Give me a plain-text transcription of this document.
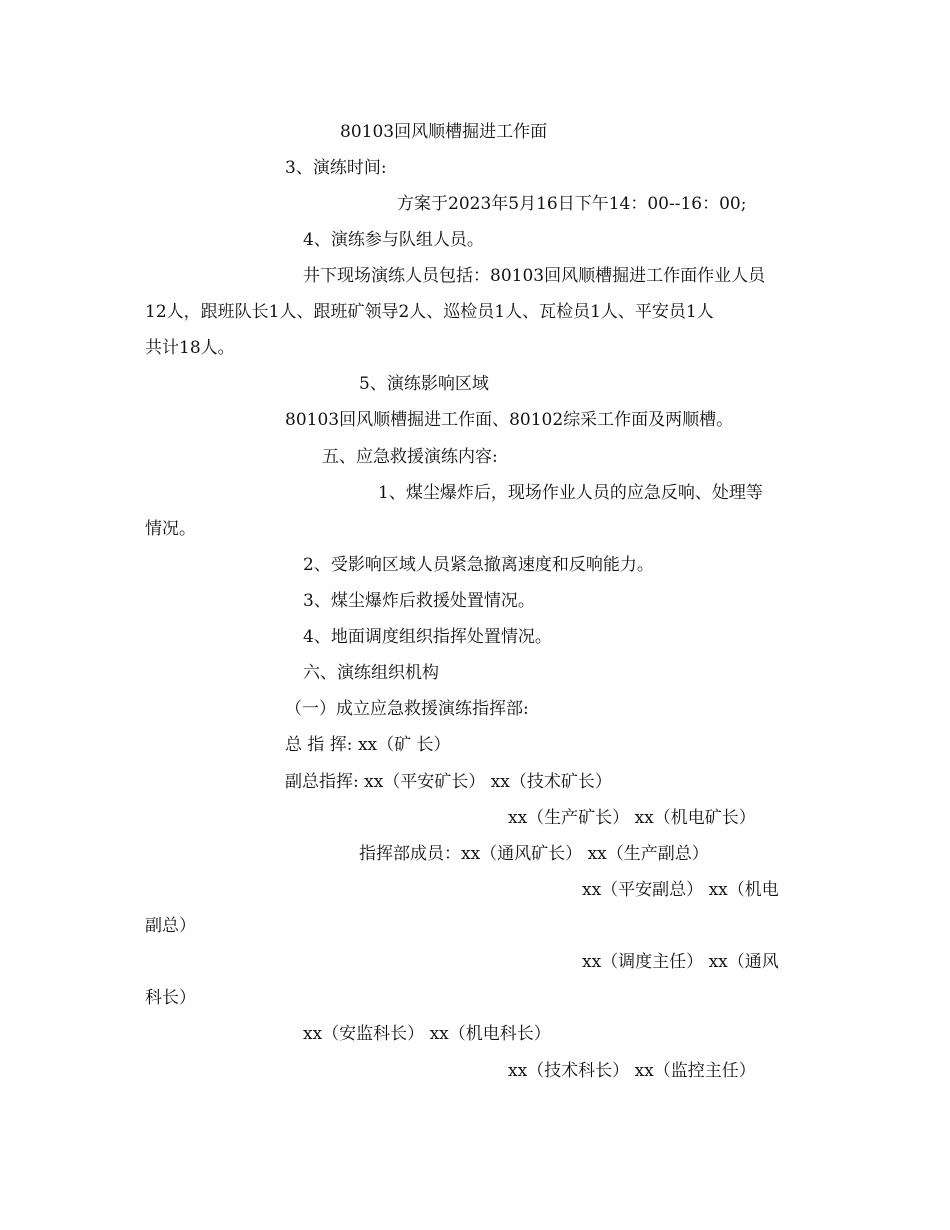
80103回风顺槽掘进工作面
3、演练时间:
方案于2023年5月16日下午14：00--16：00;
4、演练参与队组人员。
井下现场演练人员包括：80103回风顺槽掘进工作面作业人员
12人，跟班队长1人、跟班矿领导2人、巡检员1人、瓦检员1人、平安员1人
共计18人。
5、演练影响区域
80103回风顺槽掘进工作面、80102综采工作面及两顺槽。
五、应急救援演练内容:
1、煤尘爆炸后，现场作业人员的应急反响、处理等
情况。
2、受影响区域人员紧急撤离速度和反响能力。
3、煤尘爆炸后救援处置情况。
4、地面调度组织指挥处置情况。
六、演练组织机构
（一）成立应急救援演练指挥部:
总 指 挥: xx（矿 长）
副总指挥: xx（平安矿长） xx（技术矿长）
xx（生产矿长） xx（机电矿长）
指挥部成员：xx（通风矿长） xx（生产副总）
xx（平安副总） xx（机电
副总）
xx（调度主任） xx（通风
科长）
xx（安监科长） xx（机电科长）
xx（技术科长） xx（监控主任）
